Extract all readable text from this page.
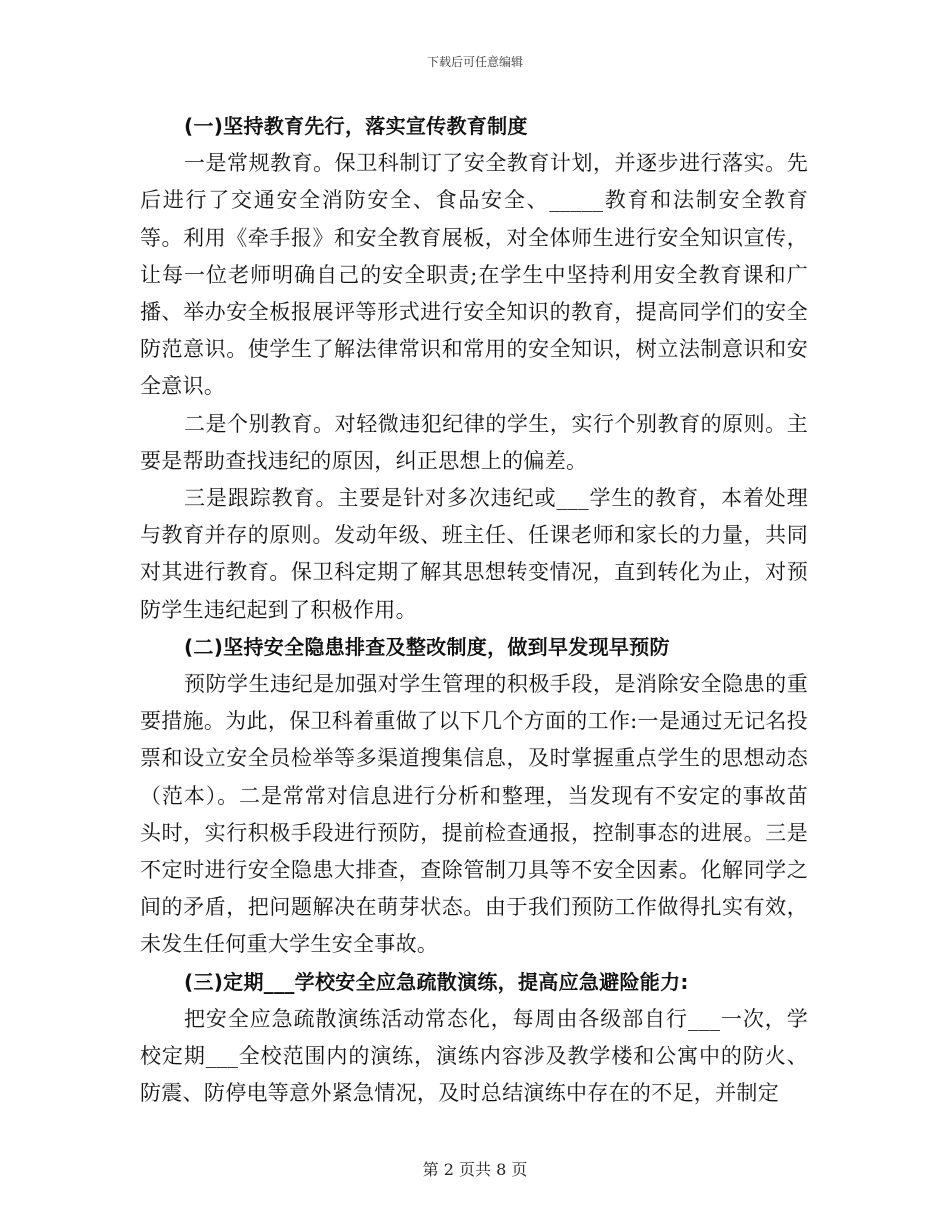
下载后可任意编辑

(一)坚持教育先行，落实宣传教育制度

一是常规教育。保卫科制订了安全教育计划，并逐步进行落实。先后进行了交通安全消防安全、食品安全、_____教育和法制安全教育等。利用《牵手报》和安全教育展板，对全体师生进行安全知识宣传，让每一位老师明确自己的安全职责;在学生中坚持利用安全教育课和广播、举办安全板报展评等形式进行安全知识的教育，提高同学们的安全防范意识。使学生了解法律常识和常用的安全知识，树立法制意识和安全意识。

二是个别教育。对轻微违犯纪律的学生，实行个别教育的原则。主要是帮助查找违纪的原因，纠正思想上的偏差。

三是跟踪教育。主要是针对多次违纪或___学生的教育，本着处理与教育并存的原则。发动年级、班主任、任课老师和家长的力量，共同对其进行教育。保卫科定期了解其思想转变情况，直到转化为止，对预防学生违纪起到了积极作用。

(二)坚持安全隐患排查及整改制度，做到早发现早预防

预防学生违纪是加强对学生管理的积极手段，是消除安全隐患的重要措施。为此，保卫科着重做了以下几个方面的工作:一是通过无记名投票和设立安全员检举等多渠道搜集信息，及时掌握重点学生的思想动态（范本）。二是常常对信息进行分析和整理，当发现有不安定的事故苗头时，实行积极手段进行预防，提前检查通报，控制事态的进展。三是不定时进行安全隐患大排查，查除管制刀具等不安全因素。化解同学之间的矛盾，把问题解决在萌芽状态。由于我们预防工作做得扎实有效，未发生任何重大学生安全事故。

(三)定期___学校安全应急疏散演练，提高应急避险能力:

把安全应急疏散演练活动常态化，每周由各级部自行___一次，学校定期___全校范围内的演练，演练内容涉及教学楼和公寓中的防火、防震、防停电等意外紧急情况，及时总结演练中存在的不足，并制定

第 2 页共 8 页
